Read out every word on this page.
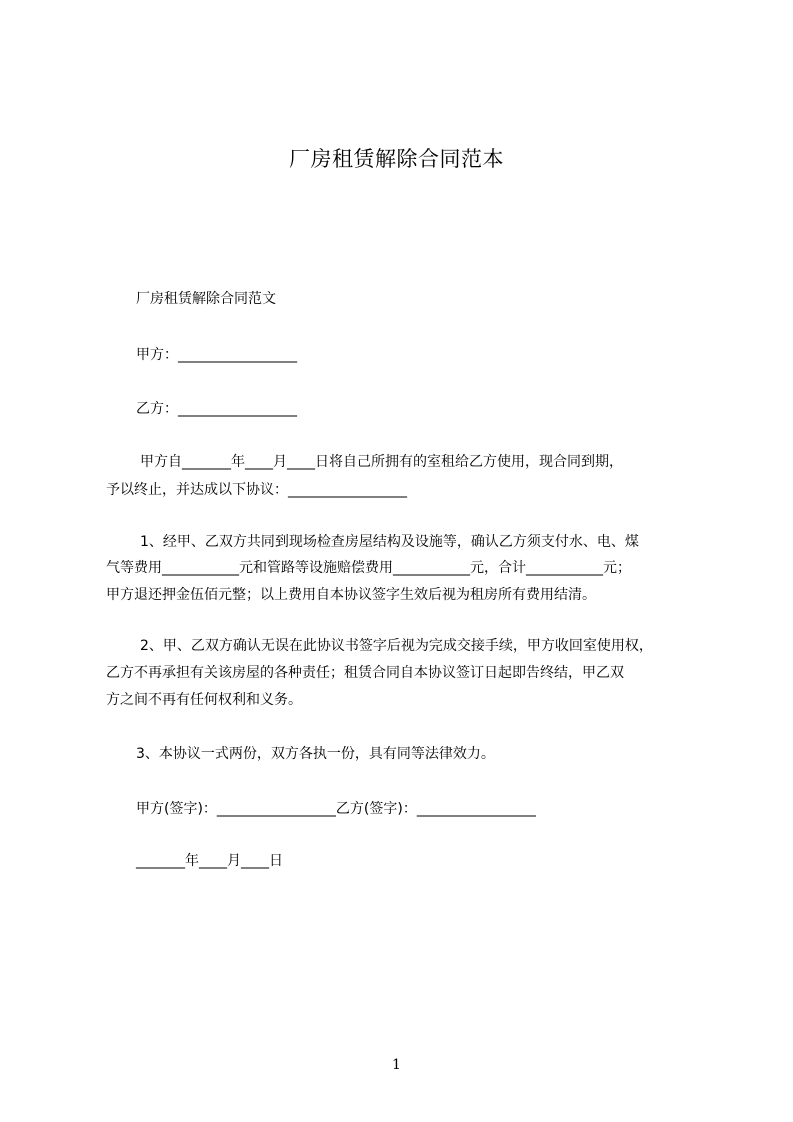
厂房租赁解除合同范本
厂房租赁解除合同范文
甲方：_________________
乙方：_________________
甲方自_______年____月____日将自己所拥有的室租给乙方使用，现合同到期，
予以终止，并达成以下协议：_________________
1、经甲、乙双方共同到现场检查房屋结构及设施等，确认乙方须支付水、电、煤
气等费用___________元和管路等设施赔偿费用___________元，合计___________元；
甲方退还押金伍佰元整；以上费用自本协议签字生效后视为租房所有费用结清。
2、甲、乙双方确认无误在此协议书签字后视为完成交接手续，甲方收回室使用权，
乙方不再承担有关该房屋的各种责任；租赁合同自本协议签订日起即告终结，甲乙双
方之间不再有任何权利和义务。
3、本协议一式两份，双方各执一份，具有同等法律效力。
甲方(签字)：_________________乙方(签字)：_________________
_______年____月____日
1
